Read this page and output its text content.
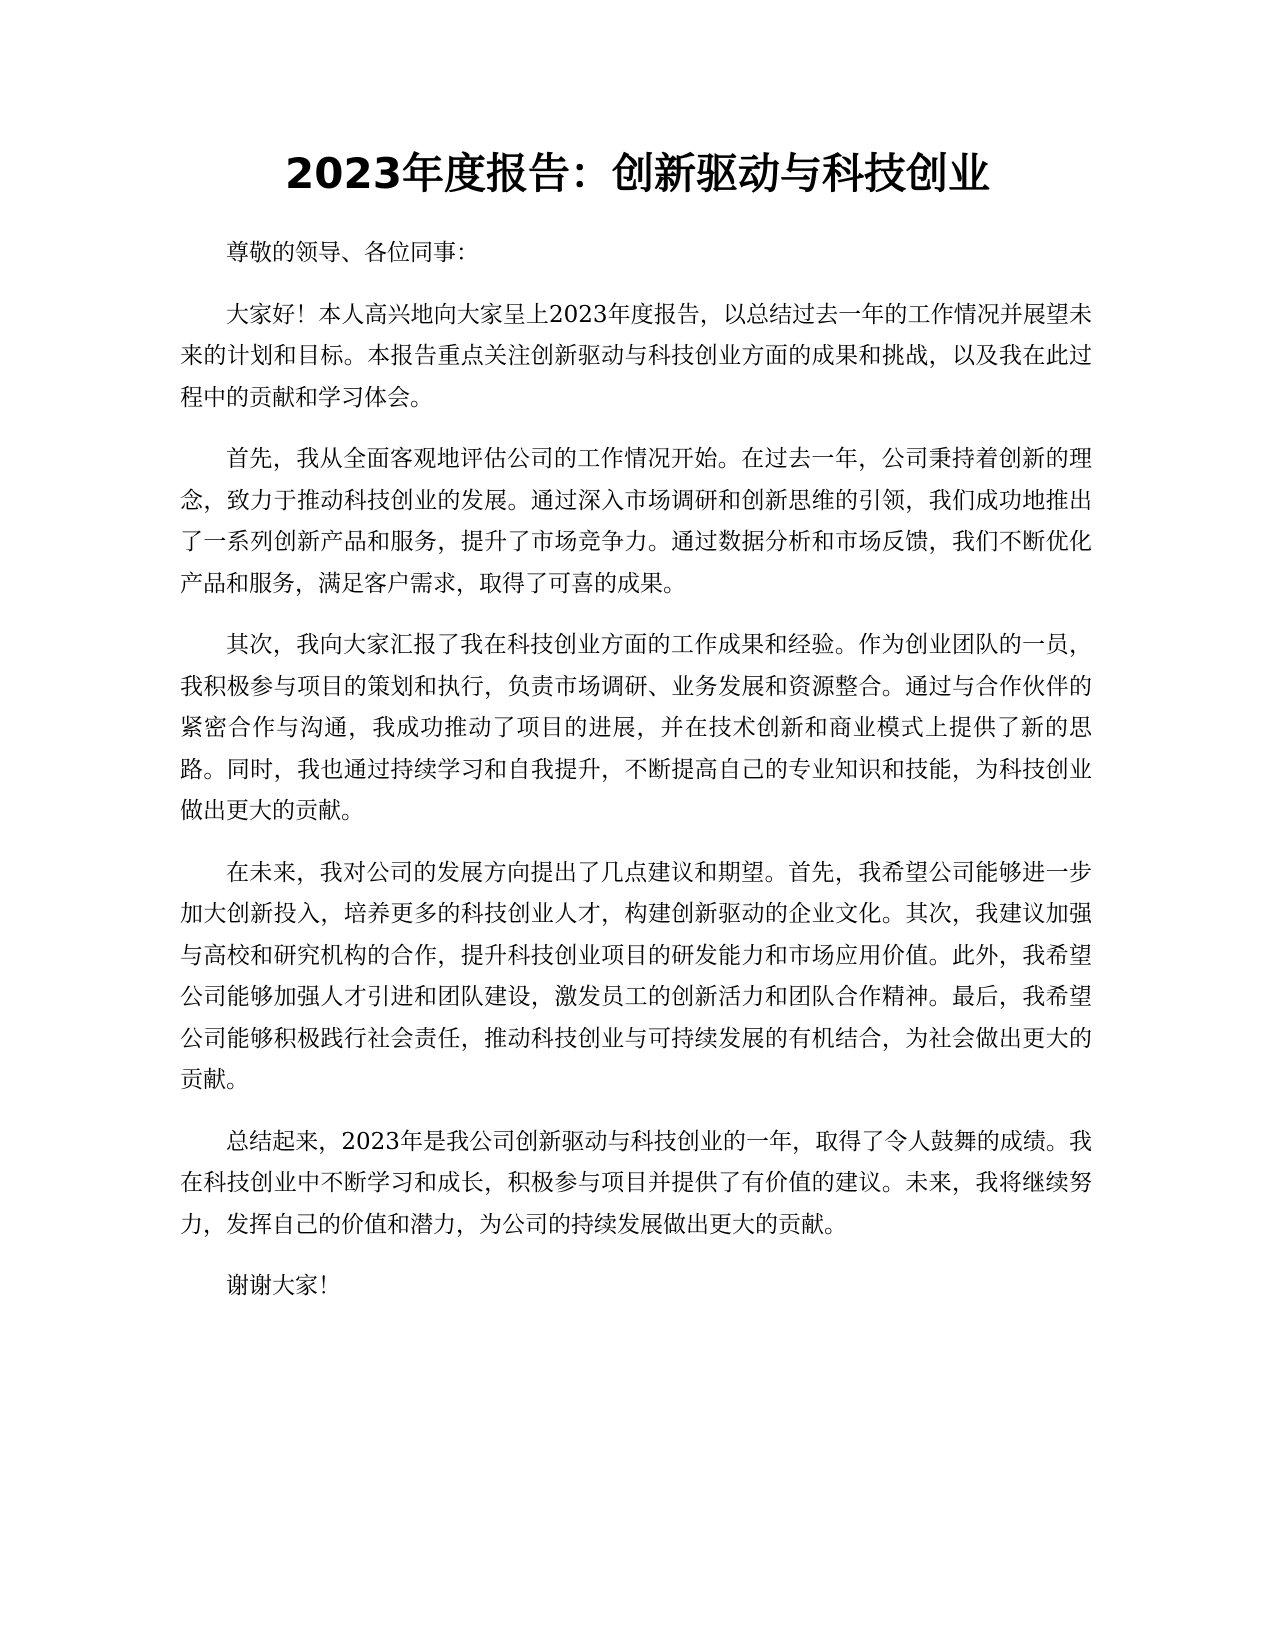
2023年度报告：创新驱动与科技创业

尊敬的领导、各位同事：

大家好！本人高兴地向大家呈上2023年度报告，以总结过去一年的工作情况并展望未来的计划和目标。本报告重点关注创新驱动与科技创业方面的成果和挑战，以及我在此过程中的贡献和学习体会。

首先，我从全面客观地评估公司的工作情况开始。在过去一年，公司秉持着创新的理念，致力于推动科技创业的发展。通过深入市场调研和创新思维的引领，我们成功地推出了一系列创新产品和服务，提升了市场竞争力。通过数据分析和市场反馈，我们不断优化产品和服务，满足客户需求，取得了可喜的成果。

其次，我向大家汇报了我在科技创业方面的工作成果和经验。作为创业团队的一员，我积极参与项目的策划和执行，负责市场调研、业务发展和资源整合。通过与合作伙伴的紧密合作与沟通，我成功推动了项目的进展，并在技术创新和商业模式上提供了新的思路。同时，我也通过持续学习和自我提升，不断提高自己的专业知识和技能，为科技创业做出更大的贡献。

在未来，我对公司的发展方向提出了几点建议和期望。首先，我希望公司能够进一步加大创新投入，培养更多的科技创业人才，构建创新驱动的企业文化。其次，我建议加强与高校和研究机构的合作，提升科技创业项目的研发能力和市场应用价值。此外，我希望公司能够加强人才引进和团队建设，激发员工的创新活力和团队合作精神。最后，我希望公司能够积极践行社会责任，推动科技创业与可持续发展的有机结合，为社会做出更大的贡献。

总结起来，2023年是我公司创新驱动与科技创业的一年，取得了令人鼓舞的成绩。我在科技创业中不断学习和成长，积极参与项目并提供了有价值的建议。未来，我将继续努力，发挥自己的价值和潜力，为公司的持续发展做出更大的贡献。

谢谢大家！
